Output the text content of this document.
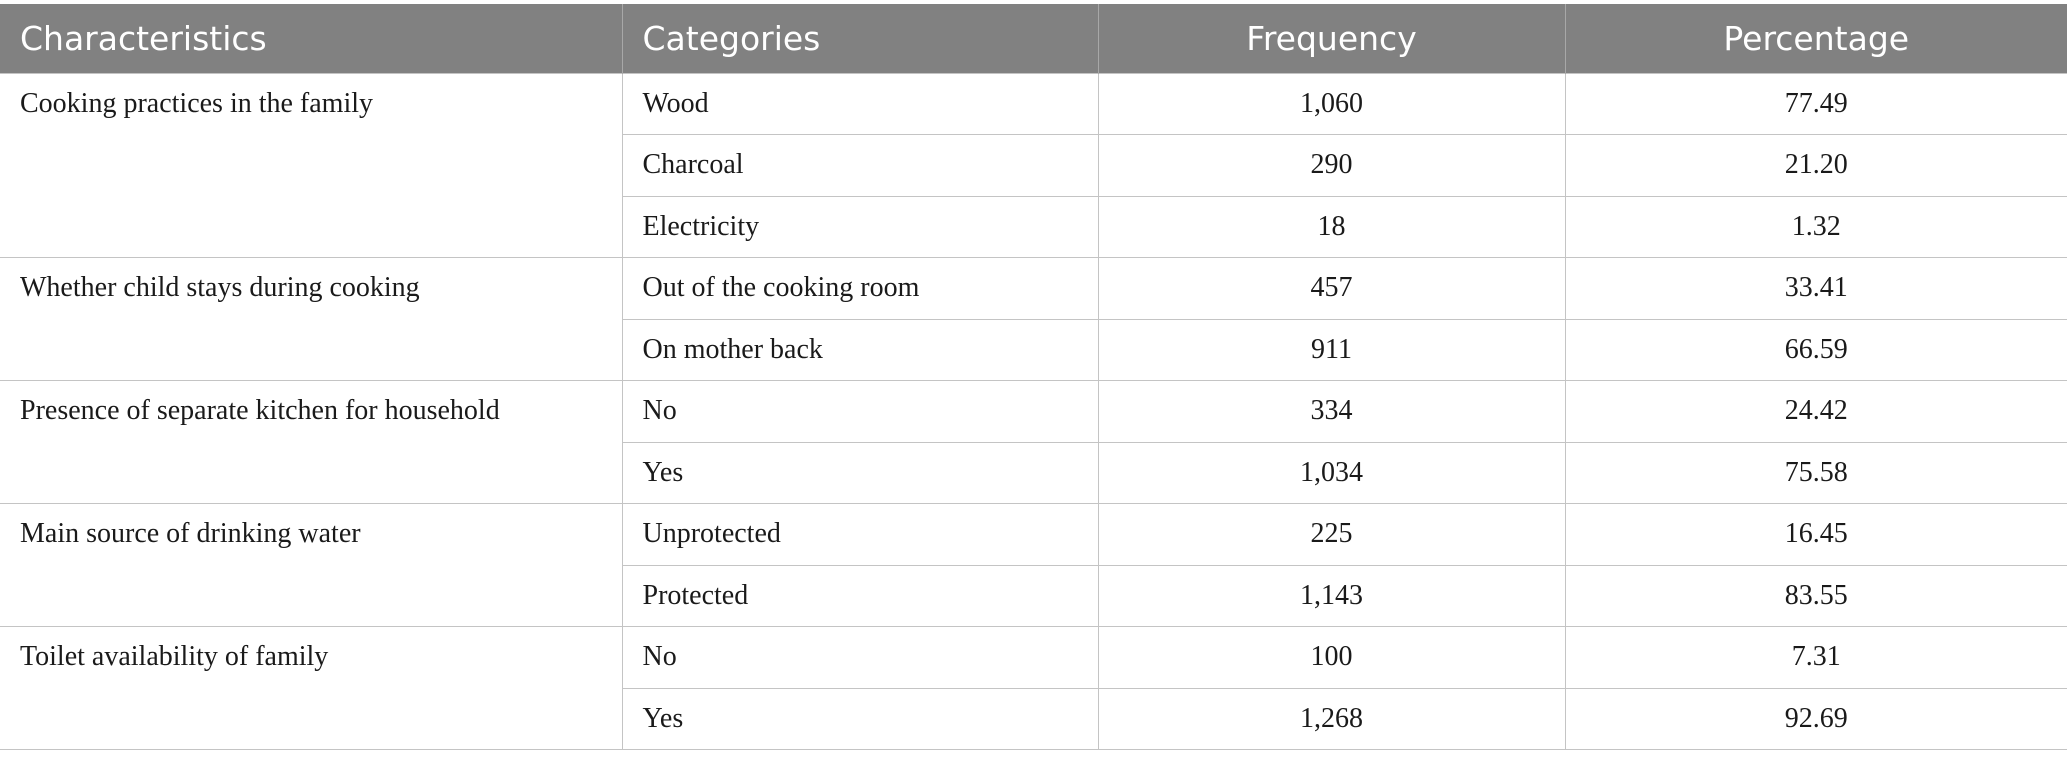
Characteristics	Categories	Frequency	Percentage
Cooking practices in the family	Wood	1,060	77.49
	Charcoal	290	21.20
	Electricity	18	1.32
Whether child stays during cooking	Out of the cooking room	457	33.41
	On mother back	911	66.59
Presence of separate kitchen for household	No	334	24.42
	Yes	1,034	75.58
Main source of drinking water	Unprotected	225	16.45
	Protected	1,143	83.55
Toilet availability of family	No	100	7.31
	Yes	1,268	92.69
